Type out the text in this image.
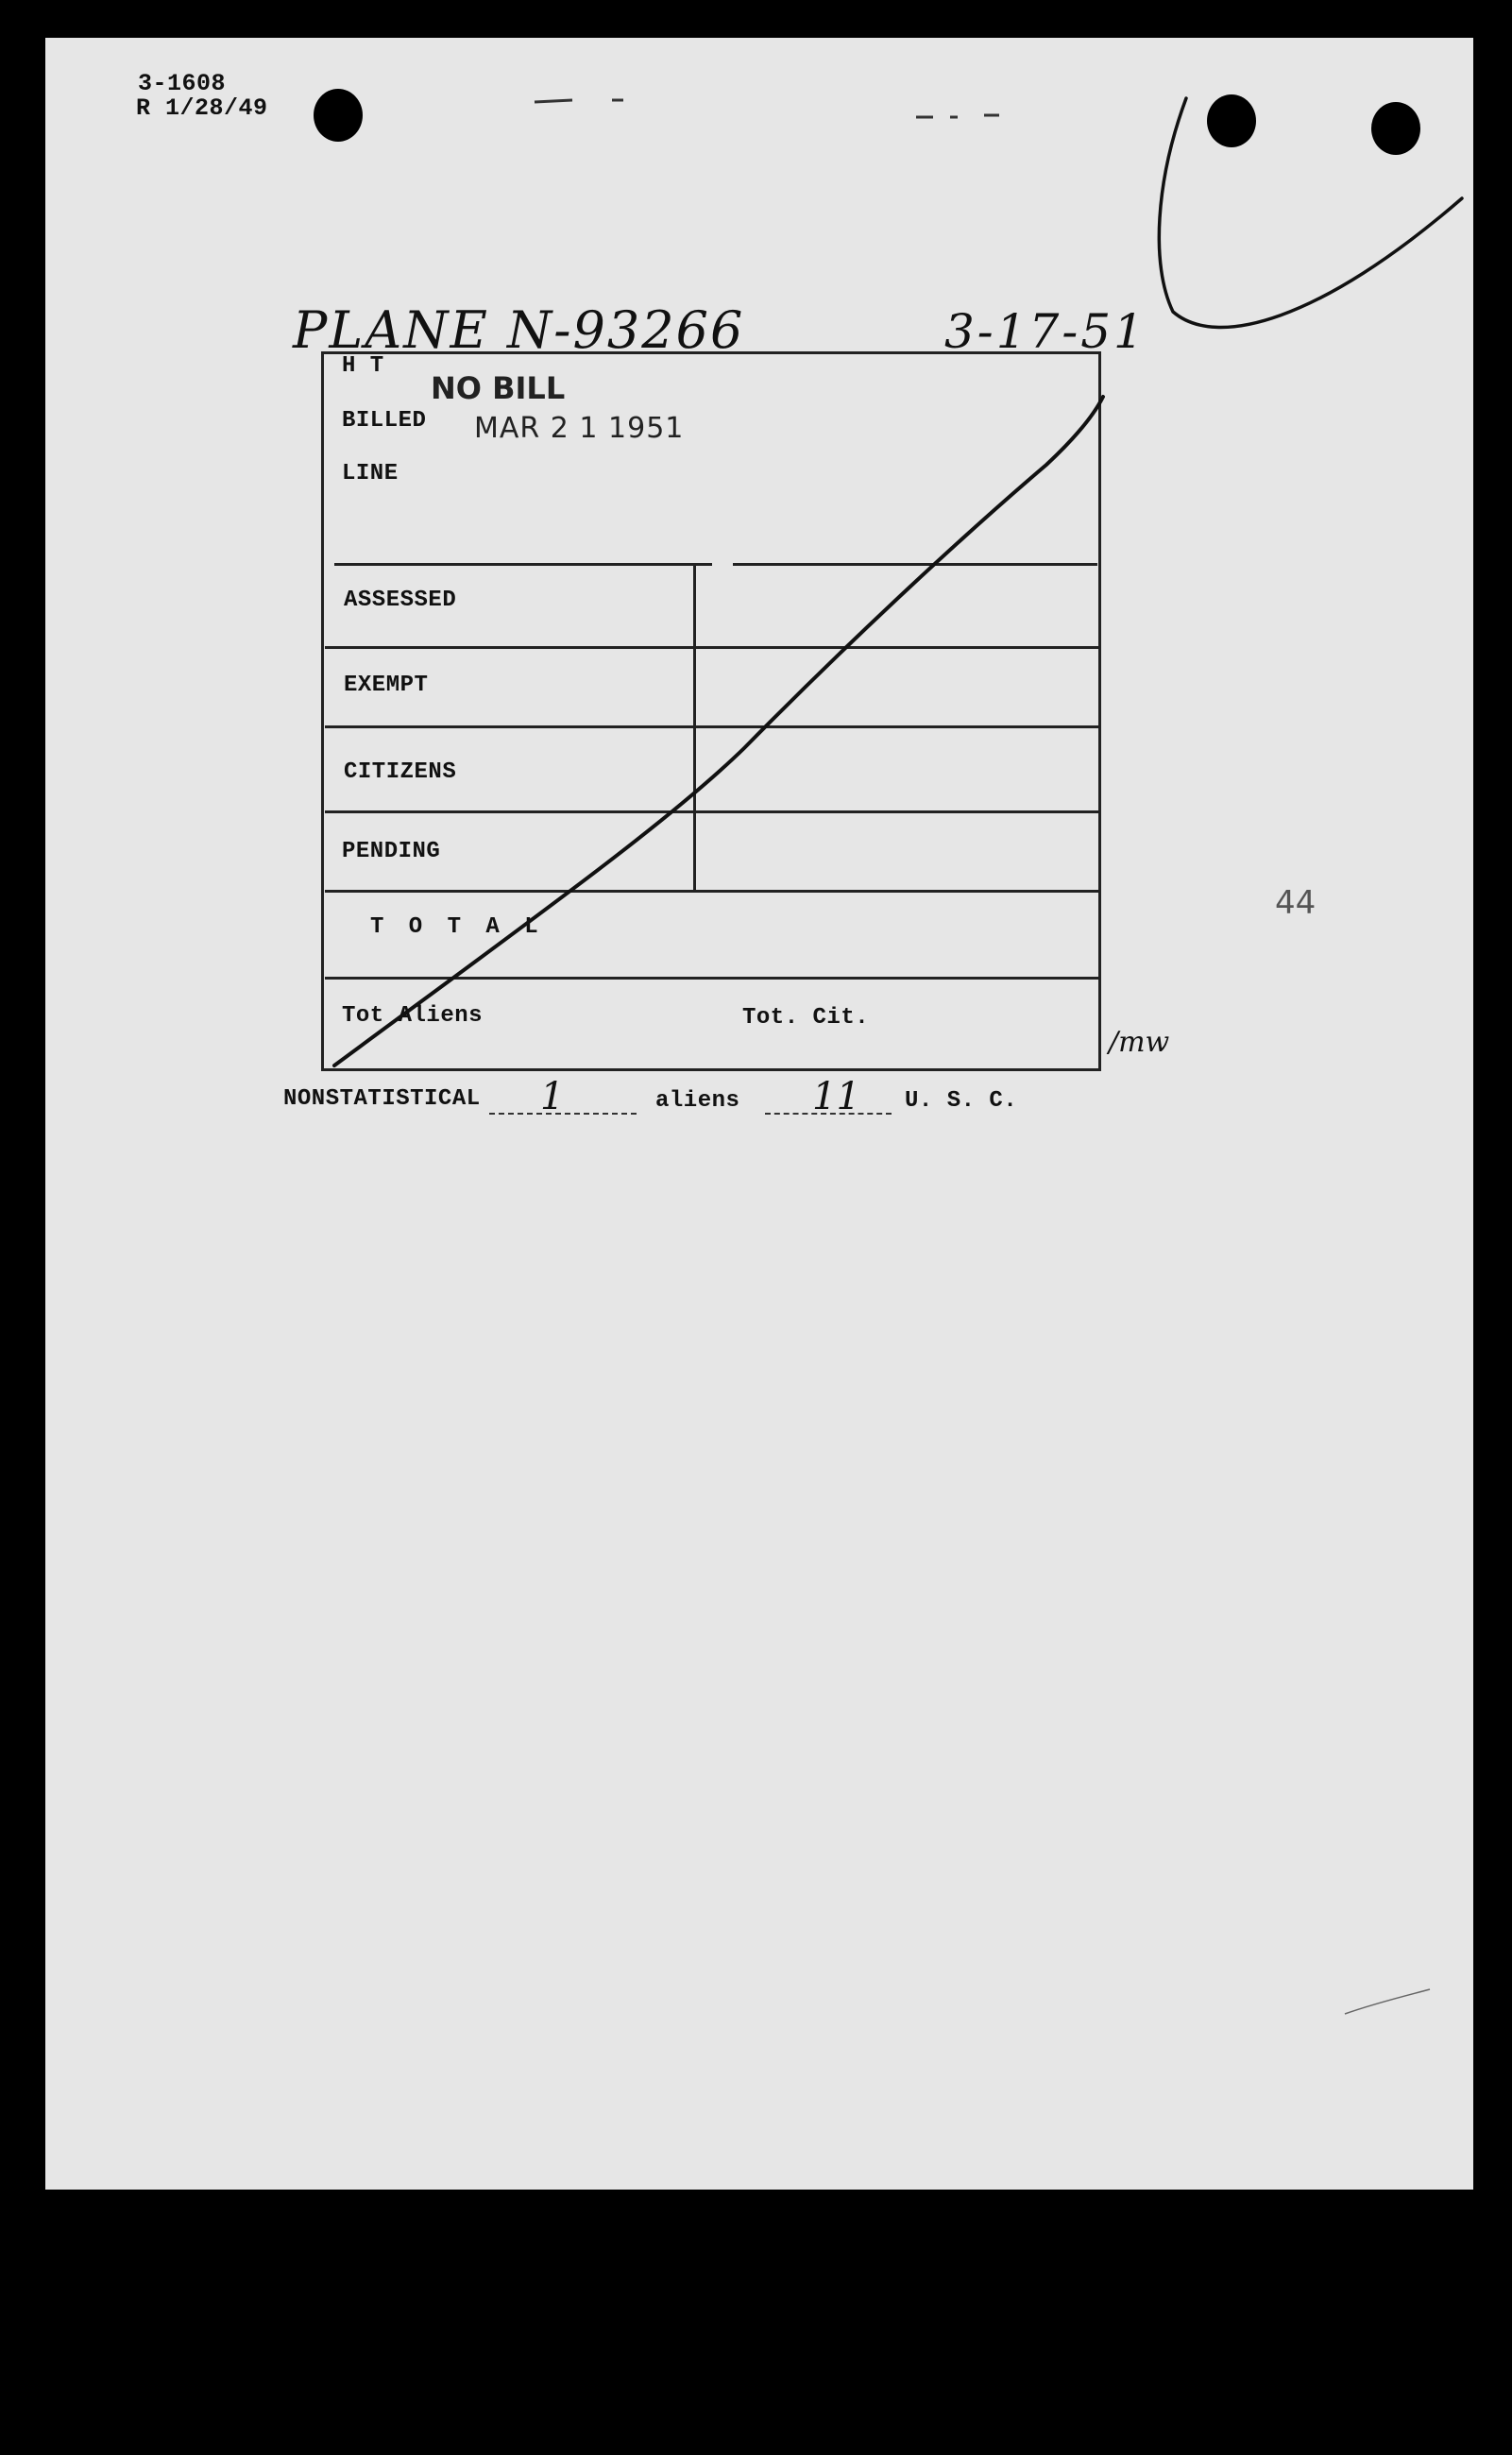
3-1608
R 1/28/49
PLANE N-93266	3-17-51
H T
NO BILL
BILLED MAR 2 1 1951
LINE
ASSESSED
EXEMPT
CITIZENS
PENDING
T O T A L
Tot Aliens	Tot. Cit.
/mw
44
NONSTATISTICAL 1	aliens 11 U. S. C.
